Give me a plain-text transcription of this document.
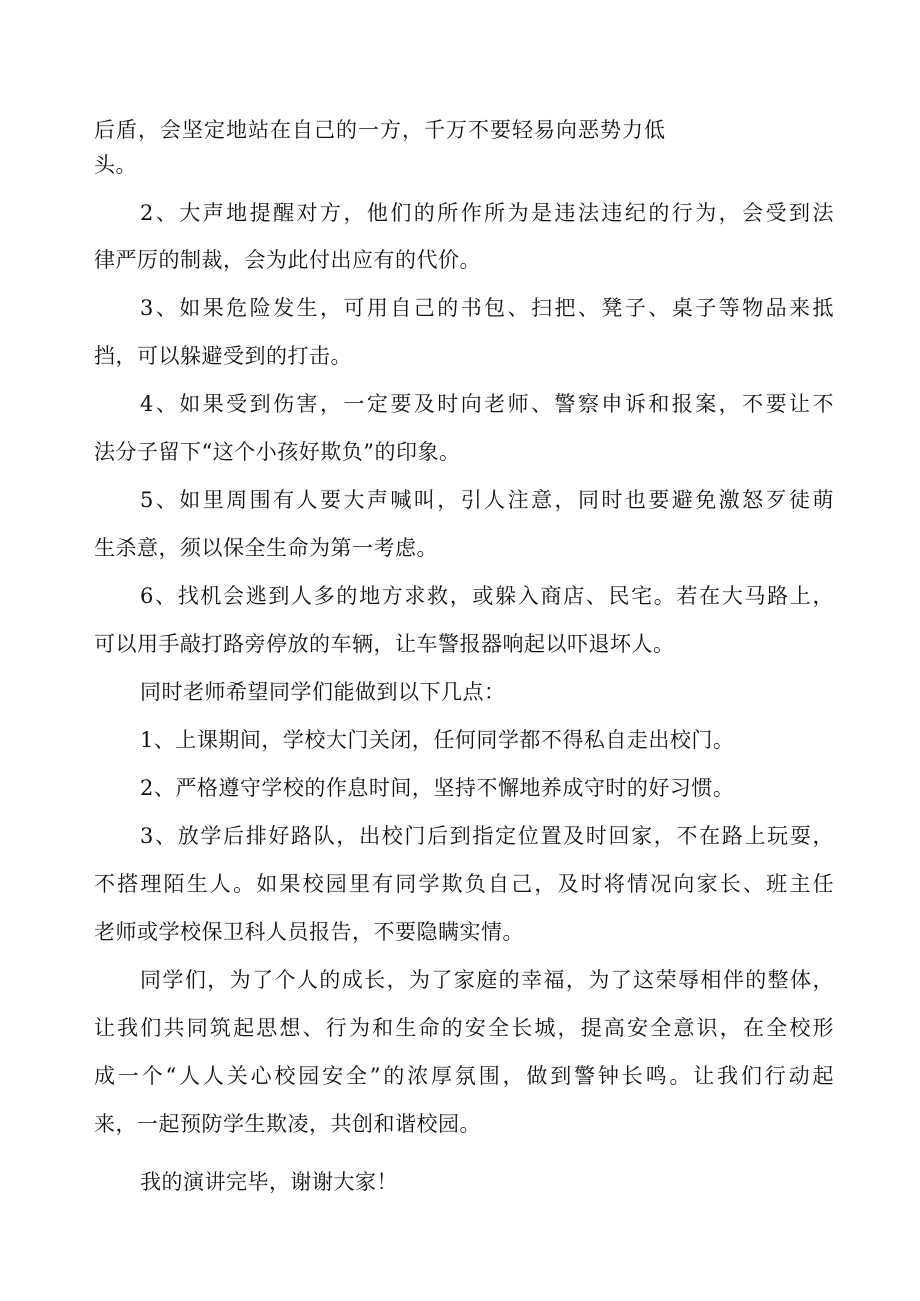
后盾，会坚定地站在自己的一方，千万不要轻易向恶势力低
头。
2、大声地提醒对方，他们的所作所为是违法违纪的行为，会受到法
律严厉的制裁，会为此付出应有的代价。
3、如果危险发生，可用自己的书包、扫把、凳子、桌子等物品来抵
挡，可以躲避受到的打击。
4、如果受到伤害，一定要及时向老师、警察申诉和报案，不要让不
法分子留下“这个小孩好欺负”的印象。
5、如里周围有人要大声喊叫，引人注意，同时也要避免激怒歹徒萌
生杀意，须以保全生命为第一考虑。
6、找机会逃到人多的地方求救，或躲入商店、民宅。若在大马路上，
可以用手敲打路旁停放的车辆，让车警报器响起以吓退坏人。
同时老师希望同学们能做到以下几点：
1、上课期间，学校大门关闭，任何同学都不得私自走出校门。
2、严格遵守学校的作息时间，坚持不懈地养成守时的好习惯。
3、放学后排好路队，出校门后到指定位置及时回家，不在路上玩耍，
不搭理陌生人。如果校园里有同学欺负自己，及时将情况向家长、班主任
老师或学校保卫科人员报告，不要隐瞒实情。
同学们，为了个人的成长，为了家庭的幸福，为了这荣辱相伴的整体，
让我们共同筑起思想、行为和生命的安全长城，提高安全意识，在全校形
成一个“人人关心校园安全”的浓厚氛围，做到警钟长鸣。让我们行动起
来，一起预防学生欺凌，共创和谐校园。
我的演讲完毕，谢谢大家！
